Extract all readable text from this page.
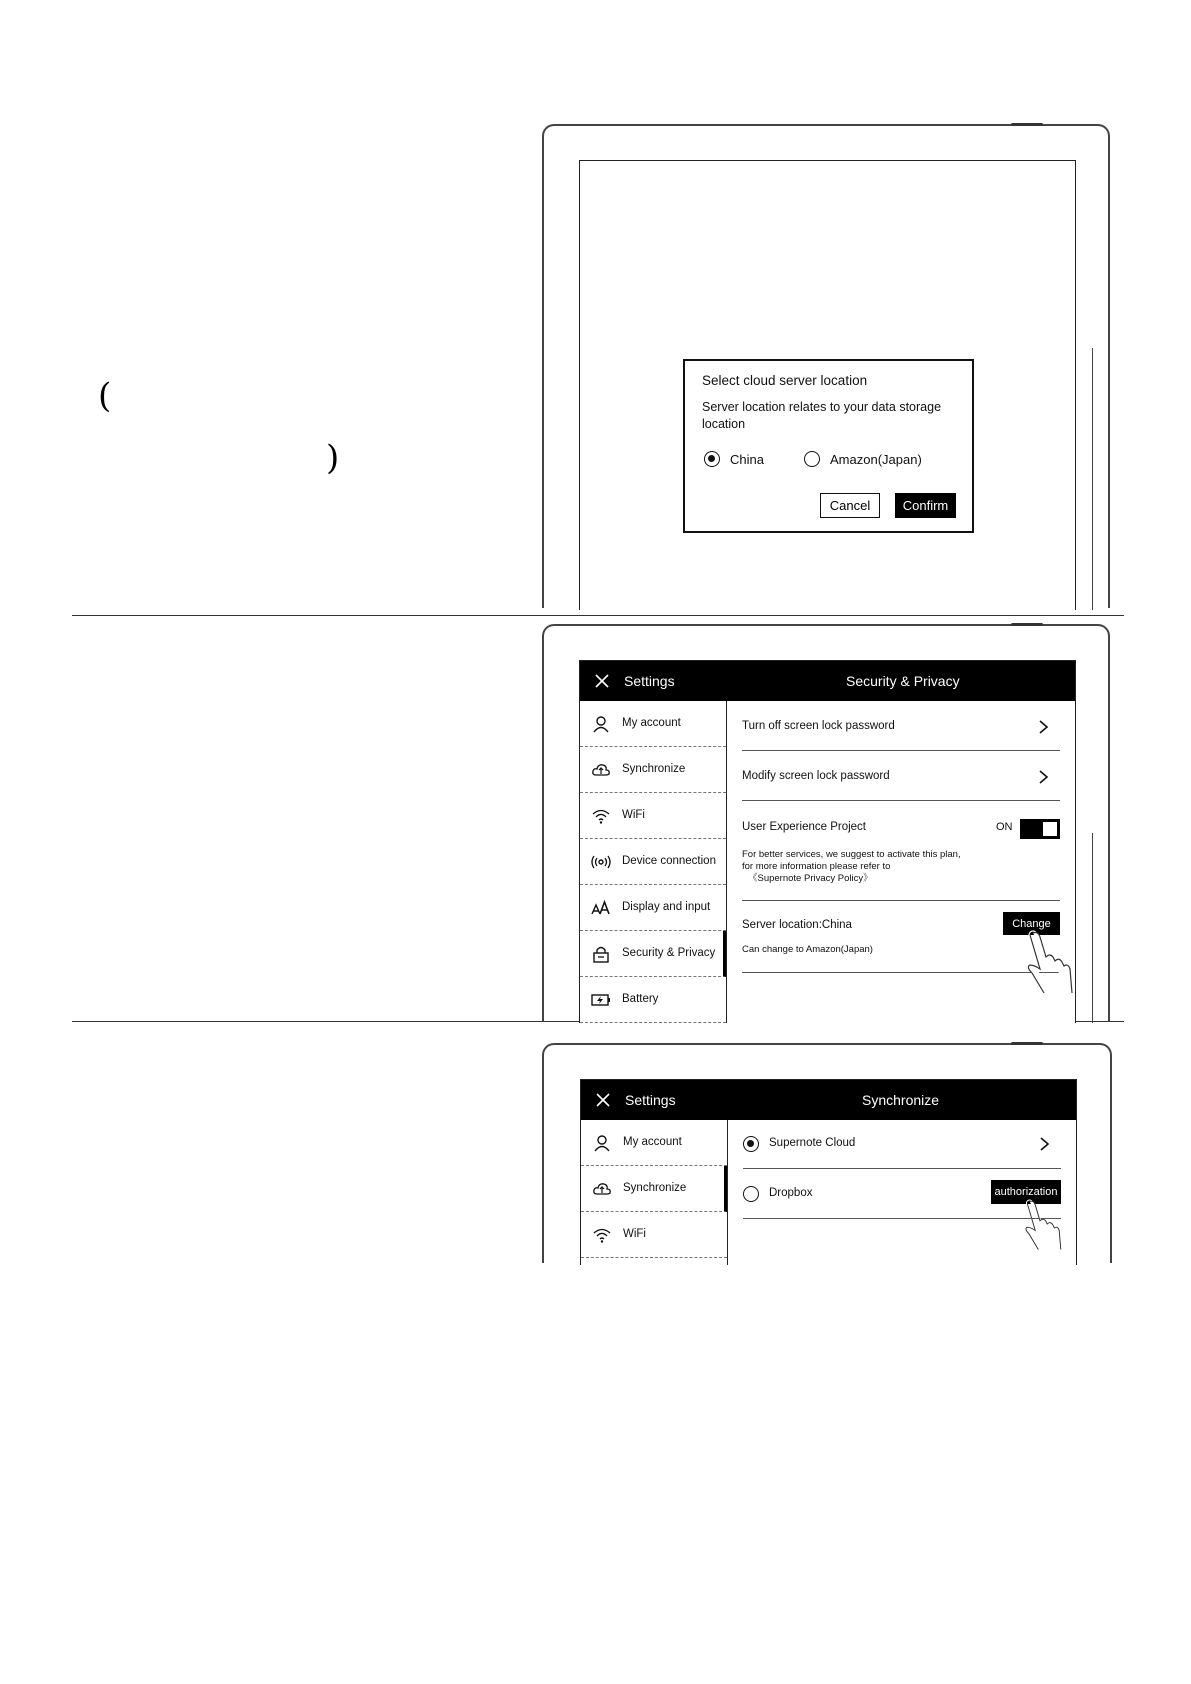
(
)
Select cloud server location
Server location relates to your data storage location
China	Amazon(Japan)
Cancel	Confirm
Settings	Security & Privacy
My account
Synchronize
WiFi
Device connection
Display and input
Security & Privacy
Battery
Turn off screen lock password
Modify screen lock password
User Experience Project	ON
For better services, we suggest to activate this plan, for more information please refer to
《Supernote Privacy Policy》
Server location:China	Change
Can change to Amazon(Japan)
Settings	Synchronize
My account
Synchronize
WiFi
Supernote Cloud
Dropbox	authorization
